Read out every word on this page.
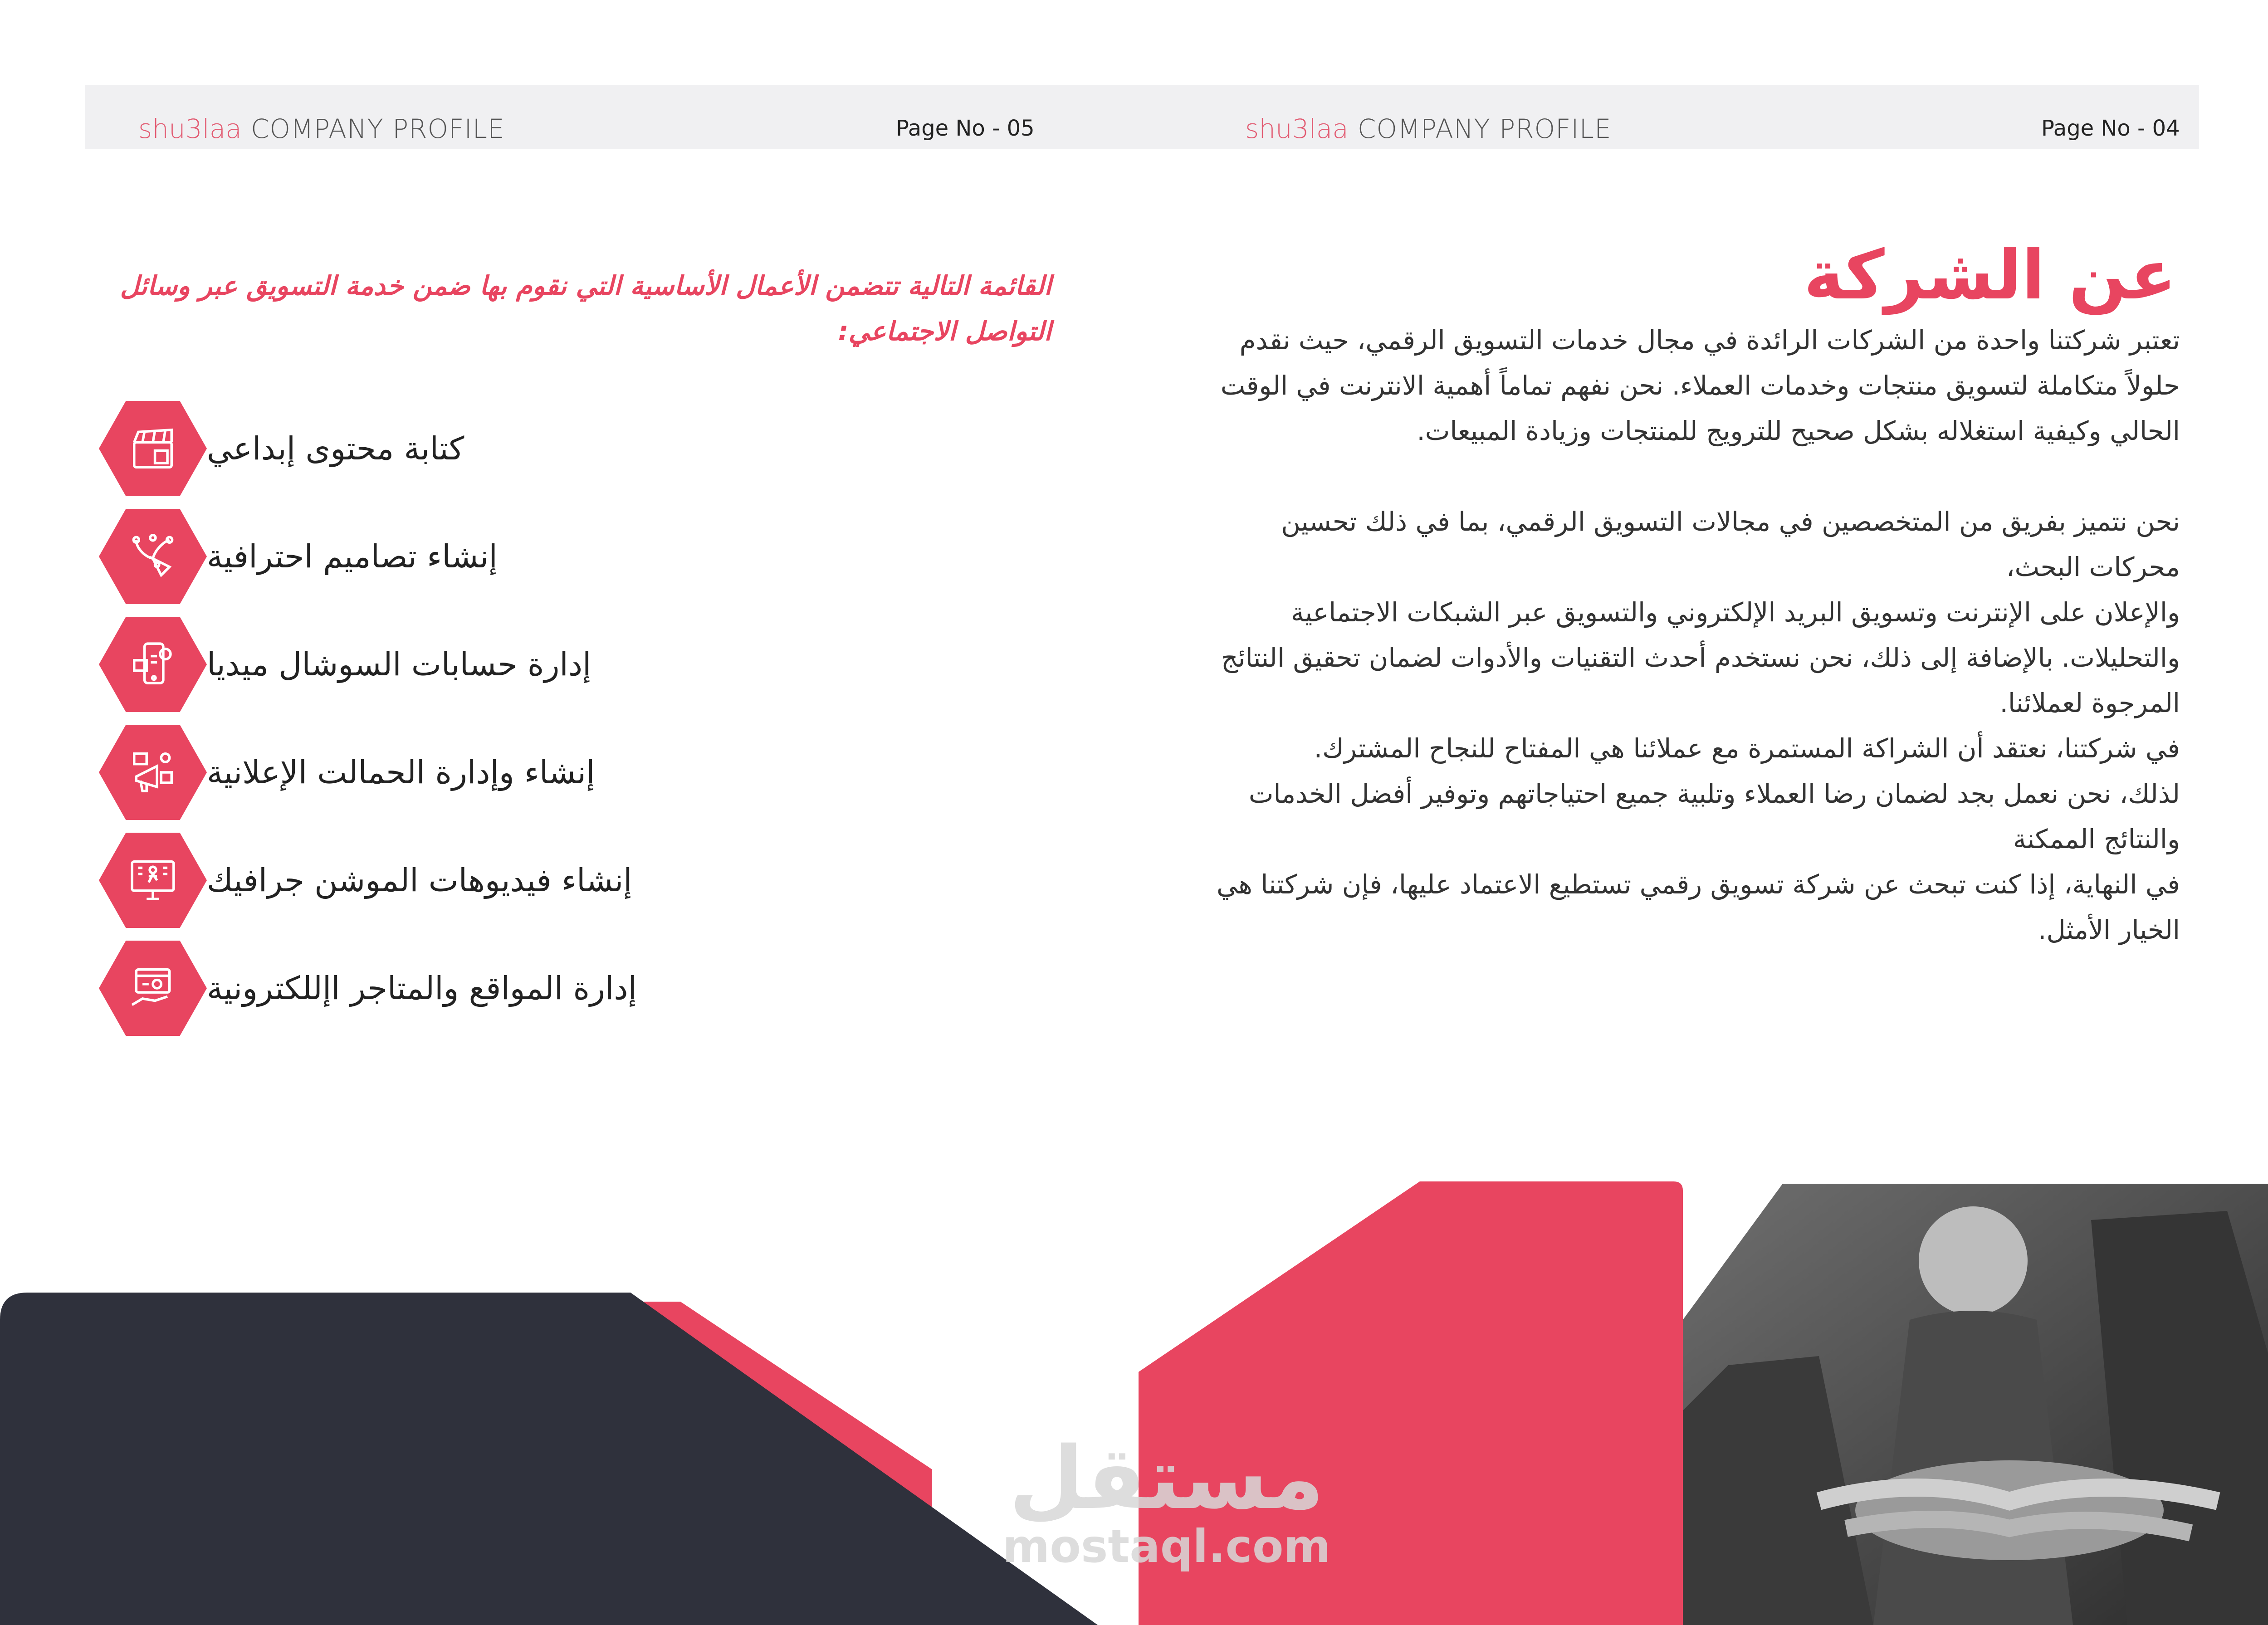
shu3laa COMPANY PROFILE	Page No - 05	shu3laa COMPANY PROFILE	Page No - 04
عن الشركة

تعتبر شركتنا واحدة من الشركات الرائدة في مجال خدمات التسويق الرقمي، حيث نقدم حلولاً متكاملة لتسويق منتجات وخدمات العملاء. نحن نفهم تماماً أهمية الانترنت في الوقت الحالي وكيفية استغلاله بشكل صحيح للترويج للمنتجات وزيادة المبيعات.

نحن نتميز بفريق من المتخصصين في مجالات التسويق الرقمي، بما في ذلك تحسين محركات البحث،

والإعلان على الإنترنت وتسويق البريد الإلكتروني والتسويق عبر الشبكات الاجتماعية والتحليلات. بالإضافة إلى ذلك، نحن نستخدم أحدث التقنيات والأدوات لضمان تحقيق النتائج المرجوة لعملائنا.

في شركتنا، نعتقد أن الشراكة المستمرة مع عملائنا هي المفتاح للنجاح المشترك.

لذلك، نحن نعمل بجد لضمان رضا العملاء وتلبية جميع احتياجاتهم وتوفير أفضل الخدمات والنتائج الممكنة

في النهاية، إذا كنت تبحث عن شركة تسويق رقمي تستطيع الاعتماد عليها، فإن شركتنا هي الخيار الأمثل.

القائمة التالية تتضمن الأعمال الأساسية التي نقوم بها ضمن خدمة التسويق عبر وسائل التواصل الاجتماعي:
كتابة محتوى إبداعي
إنشاء تصاميم احترافية
إدارة حسابات السوشال ميديا
إنشاء وإدارة الحمالت الإعلانية
إنشاء فيديوهات الموشن جرافيك
إدارة المواقع والمتاجر اإللكترونية
مستقل
mostaql.com
